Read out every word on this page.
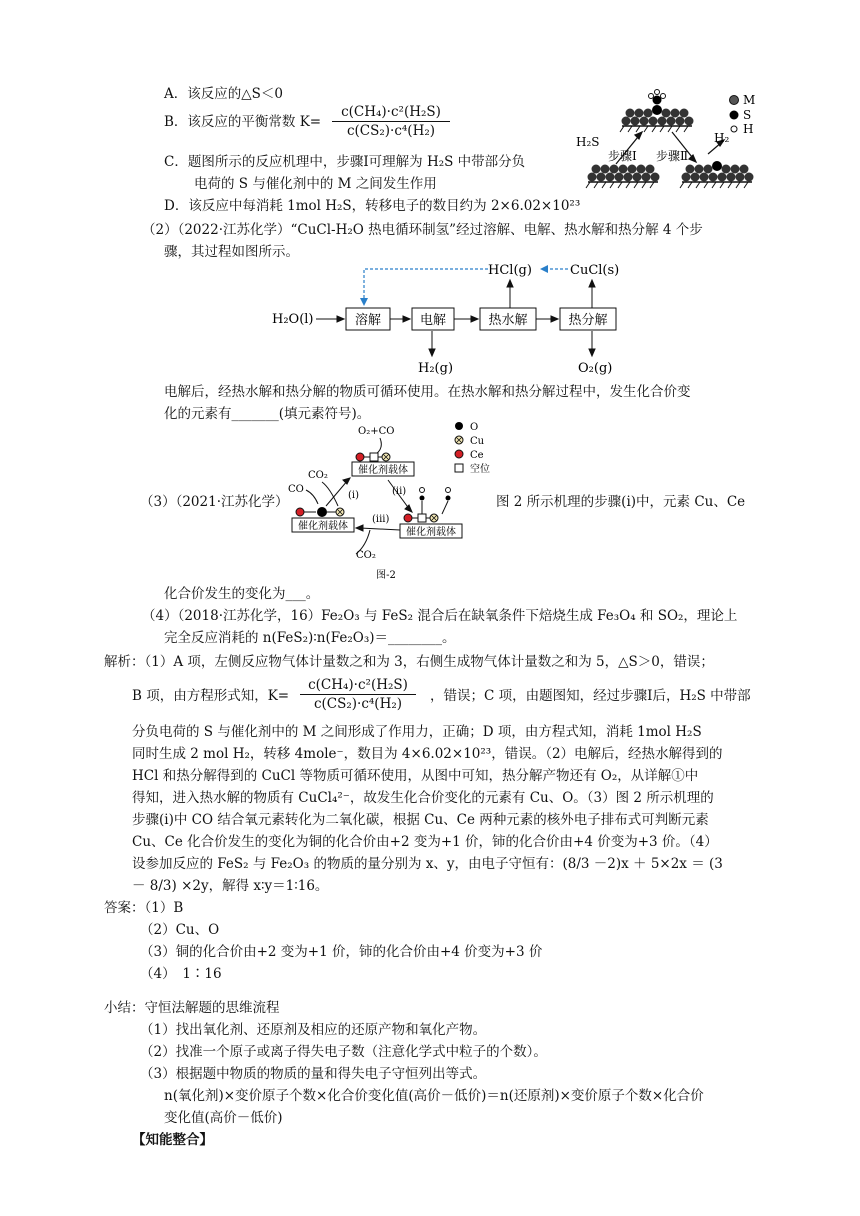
A．该反应的△S＜0
B．该反应的平衡常数 $K= \frac{\text{c(CH₄)·c²(H₂S)}}{\text{c(CS₂)·c⁴(H₂)}}$
C．题图所示的反应机理中，步骤Ⅰ可理解为 H₂S 中带部分负
电荷的 S 与催化剂中的 M 之间发生作用
D．该反应中每消耗 1mol H₂S，转移电子的数目约为 2×6.02×10²³
H₂S	H₂
步骤Ⅰ 步骤Ⅱ
M
S
H
（2）（2022·江苏化学）“CuCl-H₂O 热电循环制氢”经过溶解、电解、热水解和热分解 4 个步
骤，其过程如图所示。
H₂O(l)	溶解	电解	热水解	热分解
HCl(g)	CuCl(s)
H₂(g)	O₂(g)
电解后，经热水解和热分解的物质可循环使用。在热水解和热分解过程中，发生化合价变
化的元素有_______(填元素符号)。
（3）（2021·江苏化学）	图 2 所示机理的步骤(i)中，元素 Cu、Ce
O
Cu
Ce
空位
O₂+CO
催化剂载体
CO₂
CO
催化剂载体
催化剂载体
(i)	(ii)
(iii)
CO₂
图-2
化合价发生的变化为___。
（4）（2018·江苏化学，16）Fe₂O₃ 与 FeS₂ 混合后在缺氧条件下焙烧生成 Fe₃O₄ 和 SO₂，理论上
完全反应消耗的 n(FeS₂)∶n(Fe₂O₃)＝________。
解析：（1）A 项，左侧反应物气体计量数之和为 3，右侧生成物气体计量数之和为 5，△S＞0，错误；
B 项，由方程形式知，$K= \frac{\text{c(CH₄)·c²(H₂S)}}{\text{c(CS₂)·c⁴(H₂)}}$ ，错误；C 项，由题图知，经过步骤Ⅰ后，H₂S 中带部
分负电荷的 S 与催化剂中的 M 之间形成了作用力，正确；D 项，由方程式知，消耗 1mol H₂S
同时生成 2 mol H₂，转移 4mole⁻，数目为 4×6.02×10²³，错误。（2）电解后，经热水解得到的
HCl 和热分解得到的 CuCl 等物质可循环使用，从图中可知，热分解产物还有 O₂，从详解①中
得知，进入热水解的物质有 CuCl₄²⁻，故发生化合价变化的元素有 Cu、O。（3）图 2 所示机理的
步骤(i)中 CO 结合氧元素转化为二氧化碳，根据 Cu、Ce 两种元素的核外电子排布式可判断元素
Cu、Ce 化合价发生的变化为铜的化合价由+2 变为+1 价，铈的化合价由+4 价变为+3 价。（4）
设参加反应的 FeS₂ 与 Fe₂O₃ 的物质的量分别为 x、y，由电子守恒有：(8/3 －2)x ＋ 5×2x ＝ (3
－ 8/3) ×2y，解得 x∶y＝1∶16。
答案：（1）B
（2）Cu、O
（3）铜的化合价由+2 变为+1 价，铈的化合价由+4 价变为+3 价
（4）　1∶16
小结：守恒法解题的思维流程
（1）找出氧化剂、还原剂及相应的还原产物和氧化产物。
（2）找准一个原子或离子得失电子数（注意化学式中粒子的个数）。
（3）根据题中物质的物质的量和得失电子守恒列出等式。
n(氧化剂)×变价原子个数×化合价变化值(高价－低价)＝n(还原剂)×变价原子个数×化合价
变化值(高价－低价)
【知能整合】
